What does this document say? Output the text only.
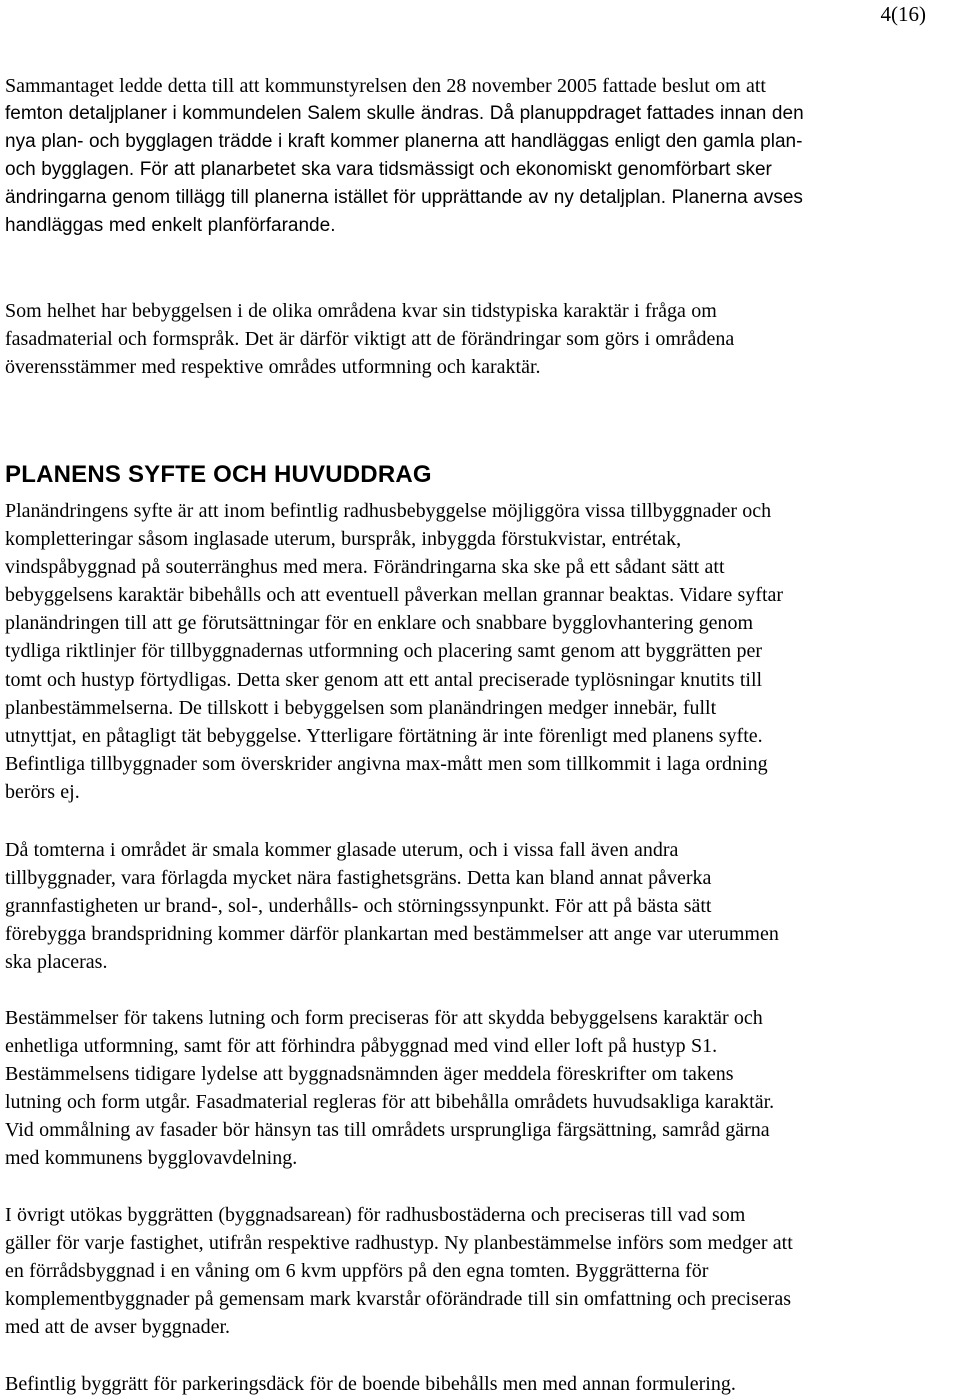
4(16)

Sammantaget ledde detta till att kommunstyrelsen den 28 november 2005 fattade beslut om att
femton detaljplaner i kommundelen Salem skulle ändras. Då planuppdraget fattades innan den
nya plan- och bygglagen trädde i kraft kommer planerna att handläggas enligt den gamla plan-
och bygglagen. För att planarbetet ska vara tidsmässigt och ekonomiskt genomförbart sker
ändringarna genom tillägg till planerna istället för upprättande av ny detaljplan. Planerna avses
handläggas med enkelt planförfarande.

Som helhet har bebyggelsen i de olika områdena kvar sin tidstypiska karaktär i fråga om
fasadmaterial och formspråk. Det är därför viktigt att de förändringar som görs i områdena
överensstämmer med respektive områdes utformning och karaktär.

PLANENS SYFTE OCH HUVUDDRAG

Planändringens syfte är att inom befintlig radhusbebyggelse möjliggöra vissa tillbyggnader och
kompletteringar såsom inglasade uterum, burspråk, inbyggda förstukvistar, entrétak,
vindspåbyggnad på souterränghus med mera. Förändringarna ska ske på ett sådant sätt att
bebyggelsens karaktär bibehålls och att eventuell påverkan mellan grannar beaktas. Vidare syftar
planändringen till att ge förutsättningar för en enklare och snabbare bygglovhantering genom
tydliga riktlinjer för tillbyggnadernas utformning och placering samt genom att byggrätten per
tomt och hustyp förtydligas. Detta sker genom att ett antal preciserade typlösningar knutits till
planbestämmelserna. De tillskott i bebyggelsen som planändringen medger innebär, fullt
utnyttjat, en påtagligt tät bebyggelse. Ytterligare förtätning är inte förenligt med planens syfte.
Befintliga tillbyggnader som överskrider angivna max-mått men som tillkommit i laga ordning
berörs ej.

Då tomterna i området är smala kommer glasade uterum, och i vissa fall även andra
tillbyggnader, vara förlagda mycket nära fastighetsgräns. Detta kan bland annat påverka
grannfastigheten ur brand-, sol-, underhålls- och störningssynpunkt. För att på bästa sätt
förebygga brandspridning kommer därför plankartan med bestämmelser att ange var uterummen
ska placeras.

Bestämmelser för takens lutning och form preciseras för att skydda bebyggelsens karaktär och
enhetliga utformning, samt för att förhindra påbyggnad med vind eller loft på hustyp S1.
Bestämmelsens tidigare lydelse att byggnadsnämnden äger meddela föreskrifter om takens
lutning och form utgår. Fasadmaterial regleras för att bibehålla områdets huvudsakliga karaktär.
Vid ommålning av fasader bör hänsyn tas till områdets ursprungliga färgsättning, samråd gärna
med kommunens bygglovavdelning.

I övrigt utökas byggrätten (byggnadsarean) för radhusbostäderna och preciseras till vad som
gäller för varje fastighet, utifrån respektive radhustyp. Ny planbestämmelse införs som medger att
en förrådsbyggnad i en våning om 6 kvm uppförs på den egna tomten. Byggrätterna för
komplementbyggnader på gemensam mark kvarstår oförändrade till sin omfattning och preciseras
med att de avser byggnader.

Befintlig byggrätt för parkeringsdäck för de boende bibehålls men med annan formulering.
